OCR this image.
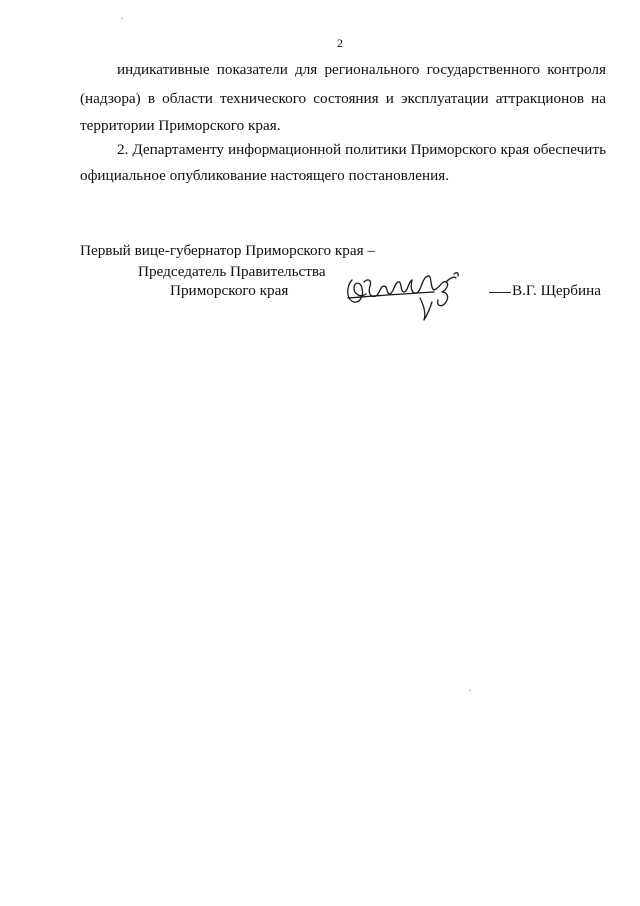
2
индикативные показатели для регионального государственного контроля
(надзора) в области технического состояния и эксплуатации аттракционов на
территории Приморского края.
2. Департаменту информационной политики Приморского края обеспечить
официальное опубликование настоящего постановления.
Первый вице-губернатор Приморского края –
Председатель Правительства
Приморского края	В.Г. Щербина
